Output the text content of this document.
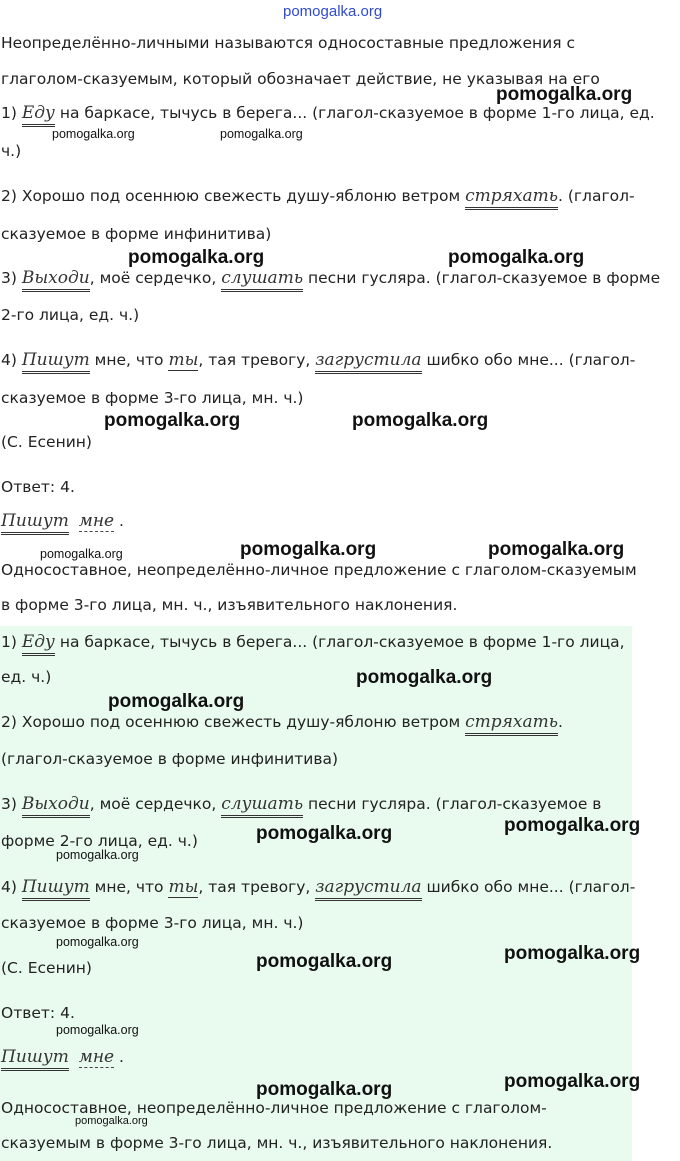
pomogalka.org
Неопределённо-личными называются односоставные предложения с
глаголом-сказуемым, который обозначает действие, не указывая на его
1) Еду на баркасе, тычусь в берега... (глагол-сказуемое в форме 1-го лица, ед.
ч.)
2) Хорошо под осеннюю свежесть душу-яблоню ветром стряхать. (глагол-
сказуемое в форме инфинитива)
3) Выходи, моё сердечко, слушать песни гусляра. (глагол-сказуемое в форме
2-го лица, ед. ч.)
4) Пишут мне, что ты, тая тревогу, загрустила шибко обо мне... (глагол-
сказуемое в форме 3-го лица, мн. ч.)
(С. Есенин)
Ответ: 4.
Пишут мне .
Односоставное, неопределённо-личное предложение с глаголом-сказуемым
в форме 3-го лица, мн. ч., изъявительного наклонения.
1) Еду на баркасе, тычусь в берега... (глагол-сказуемое в форме 1-го лица,
ед. ч.)
2) Хорошо под осеннюю свежесть душу-яблоню ветром стряхать.
(глагол-сказуемое в форме инфинитива)
3) Выходи, моё сердечко, слушать песни гусляра. (глагол-сказуемое в
форме 2-го лица, ед. ч.)
4) Пишут мне, что ты, тая тревогу, загрустила шибко обо мне... (глагол-
сказуемое в форме 3-го лица, мн. ч.)
(С. Есенин)
Ответ: 4.
Пишут мне .
Односоставное, неопределённо-личное предложение с глаголом-
сказуемым в форме 3-го лица, мн. ч., изъявительного наклонения.
pomogalka.org
pomogalka.org	pomogalka.org
pomogalka.org	pomogalka.org
pomogalka.org	pomogalka.org
pomogalka.org	pomogalka.org	pomogalka.org
pomogalka.org
pomogalka.org
pomogalka.org
pomogalka.org
pomogalka.org
pomogalka.org
pomogalka.org
pomogalka.org
pomogalka.org
pomogalka.org
pomogalka.org
pomogalka.org
